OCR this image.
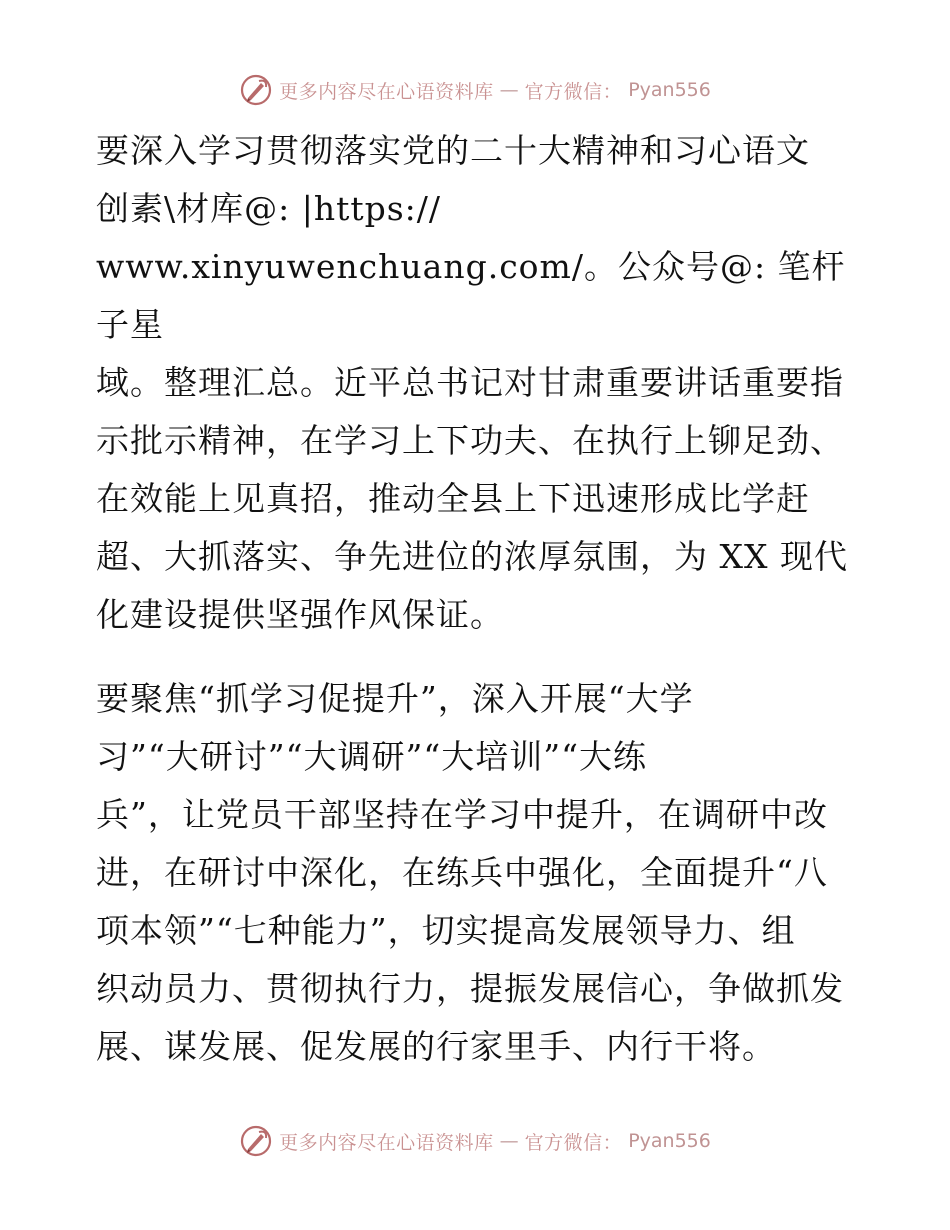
更多内容尽在心语资料库 — 官方微信： Pyan556

要深入学习贯彻落实党的二十大精神和习心语文
创素\材库@: |https://
www.xinyuwenchuang.com/。公众号@: 笔杆子星
域。整理汇总。近平总书记对甘肃重要讲话重要指
示批示精神，在学习上下功夫、在执行上铆足劲、
在效能上见真招，推动全县上下迅速形成比学赶
超、大抓落实、争先进位的浓厚氛围，为 XX 现代
化建设提供坚强作风保证。

要聚焦“抓学习促提升”，深入开展“大学
习”“大研讨”“大调研”“大培训”“大练
兵”，让党员干部坚持在学习中提升，在调研中改
进，在研讨中深化，在练兵中强化，全面提升“八
项本领”“七种能力”，切实提高发展领导力、组
织动员力、贯彻执行力，提振发展信心，争做抓发
展、谋发展、促发展的行家里手、内行干将。

更多内容尽在心语资料库 — 官方微信： Pyan556
